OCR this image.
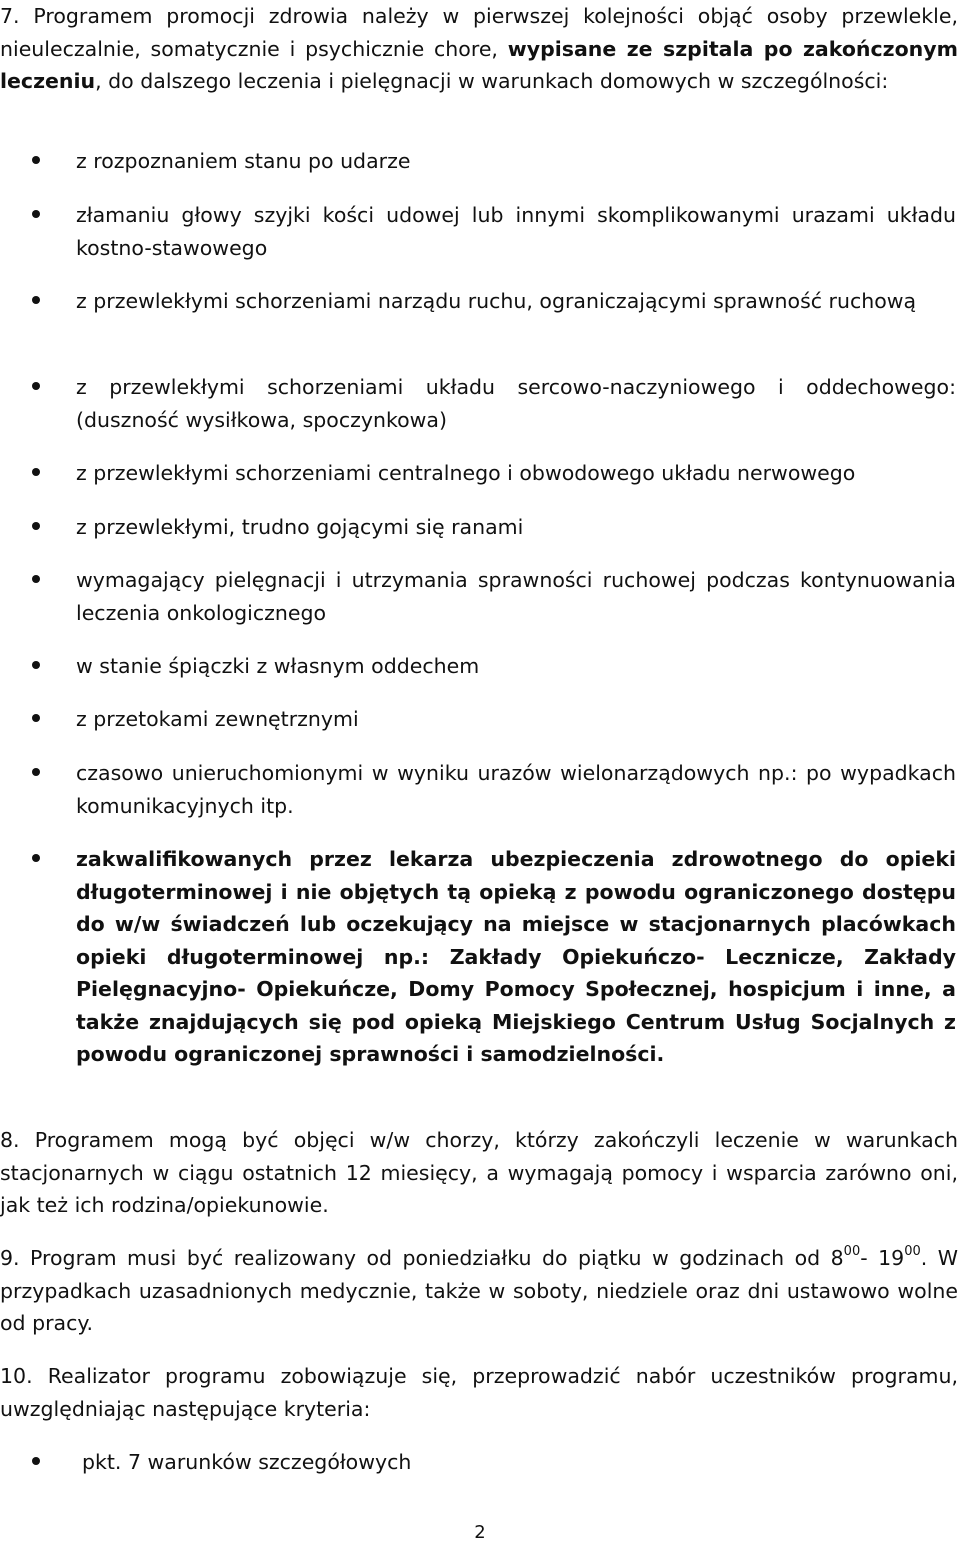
7. Programem promocji zdrowia należy w pierwszej kolejności objąć osoby przewlekle, nieuleczalnie, somatycznie i psychicznie chore, wypisane ze szpitala po zakończonym leczeniu, do dalszego leczenia i pielęgnacji w warunkach domowych w szczególności:

z rozpoznaniem stanu po udarze
złamaniu głowy szyjki kości udowej lub innymi skomplikowanymi urazami układu kostno-stawowego
z przewlekłymi schorzeniami narządu ruchu, ograniczającymi sprawność ruchową
z przewlekłymi schorzeniami układu sercowo-naczyniowego i oddechowego: (duszność wysiłkowa, spoczynkowa)
z przewlekłymi schorzeniami centralnego i obwodowego układu nerwowego
z przewlekłymi, trudno gojącymi się ranami
wymagający pielęgnacji i utrzymania sprawności ruchowej podczas kontynuowania leczenia onkologicznego
w stanie śpiączki z własnym oddechem
z przetokami zewnętrznymi
czasowo unieruchomionymi w wyniku urazów wielonarządowych np.: po wypadkach komunikacyjnych itp.
zakwalifikowanych przez lekarza ubezpieczenia zdrowotnego do opieki długoterminowej i nie objętych tą opieką z powodu ograniczonego dostępu do w/w świadczeń lub oczekujący na miejsce w stacjonarnych placówkach opieki długoterminowej np.: Zakłady Opiekuńczo- Lecznicze, Zakłady Pielęgnacyjno- Opiekuńcze, Domy Pomocy Społecznej, hospicjum i inne, a także znajdujących się pod opieką Miejskiego Centrum Usług Socjalnych z powodu ograniczonej sprawności i samodzielności.

8. Programem mogą być objęci w/w chorzy, którzy zakończyli leczenie w warunkach stacjonarnych w ciągu ostatnich 12 miesięcy, a wymagają pomocy i wsparcia zarówno oni, jak też ich rodzina/opiekunowie.

9. Program musi być realizowany od poniedziałku do piątku w godzinach od $8^{00}-$ $19^{00}$. W przypadkach uzasadnionych medycznie, także w soboty, niedziele oraz dni ustawowo wolne od pracy.

10. Realizator programu zobowiązuje się, przeprowadzić nabór uczestników programu, uwzględniając następujące kryteria:

pkt. 7 warunków szczegółowych
2
